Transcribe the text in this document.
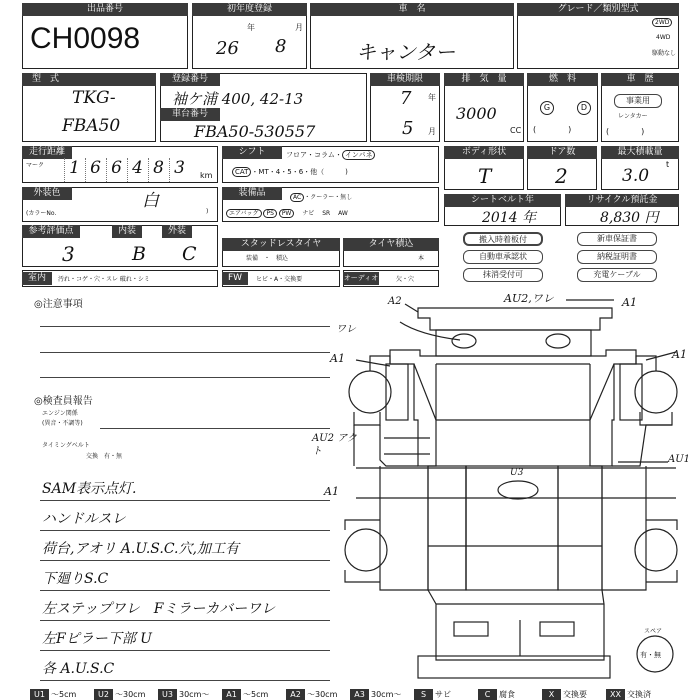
出品番号
CH0098
初年度登録
年	月
26 8
車　名
キャンター
グレード／類別型式
2WD
4WD
駆動なし
型　式
TKG-
FBA50
登録番号
袖ケ浦 400, 42-13
車台番号
FBA50-530557
車検期限
7 年
5 月
排　気　量
3000
CC
燃　料
G	D
(　　　　)
車　歴
事業用
レンタカー
(　　　　)
走行距離
マーク 1 6 6 4 8 3	km
シフト	フロア・コラム・ インパネ
CAT ・MT・4・5・6・他（　　　)
ボディ形状
T
ドア数
2
最大積載量
3.0
t
外装色	白
(カラーNo.	)
装備品	AC ・クーラー・無し
エアバッグ PS PW 　 ナビ 　 SR 　 AW
シートベルト年
2014 年
リサイクル預託金
8,830 円
参考評価点
3
内装
B
外装
C	スタッドレスタイヤ
装備　・　積込
タイヤ積込
本
搬入時着板付	新車保証書
自動車承認状	納税証明書
抹消受付可	充電ケーブル
室内	汚れ・コゲ・穴・スレ 破れ・シミ	FW	ヒビ・A・交換要	オーディオ	欠・穴
◎注意事項
◎検査員報告
エンジン関係
(異音・不調等)
タイミングベルト
交換　有・無
SAM表示点灯.
ハンドルスレ
荷台,アオリ A.U.S.C.穴,加工有
下廻りS.C
左ステップワレ　Fミラーカバーワレ
左Fピラー下部 U
各 A.U.S.C
A2	AU2,ワレ	A1
ワレ
A1	A1
AU2 アクト
AU1
U3
A1
スペア
有・無
U1 ～5cm	U2 ～30cm	U3 30cm～	A1 ～5cm	A2 ～30cm	A3 30cm～	S	サビ	C	腐食	X	交換要	XX 交換済
